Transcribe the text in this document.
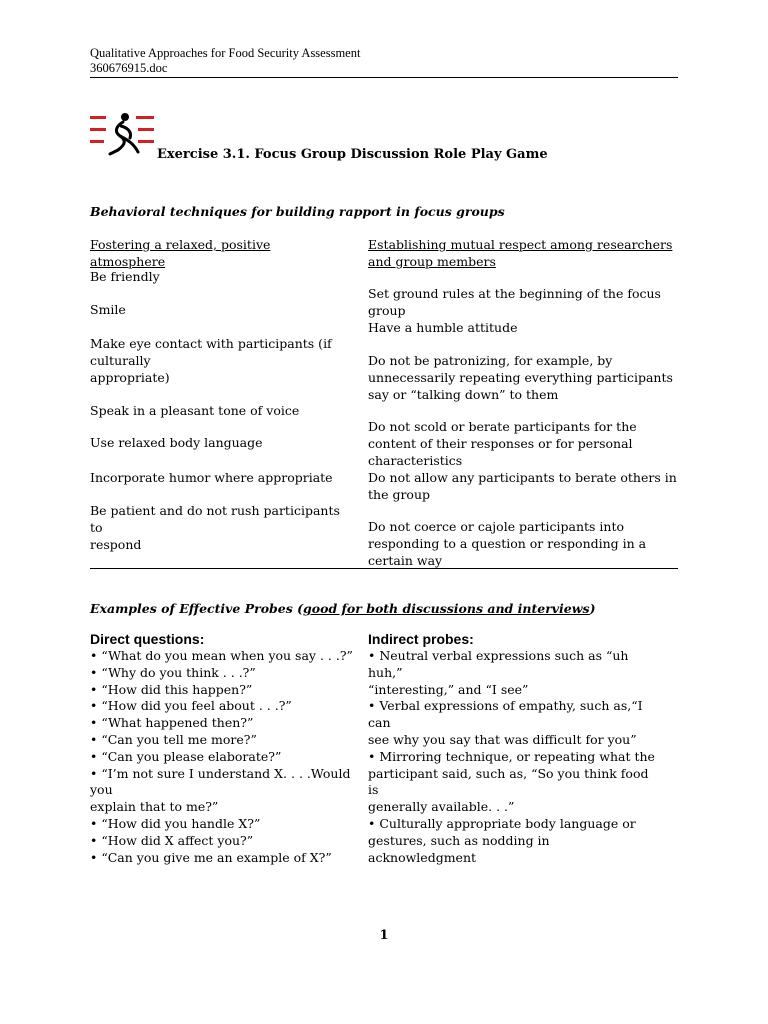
Qualitative Approaches for Food Security Assessment
360676915.doc
Exercise 3.1. Focus Group Discussion Role Play Game
Behavioral techniques for building rapport in focus groups
Fostering a relaxed, positive atmosphere
Be friendly
Smile
Make eye contact with participants (if
culturally
appropriate)
Speak in a pleasant tone of voice
Use relaxed body language
Incorporate humor where appropriate
Be patient and do not rush participants to
respond
Establishing mutual respect among researchers and group members
Set ground rules at the beginning of the focus group
Have a humble attitude
Do not be patronizing, for example, by unnecessarily repeating everything participants say or “talking down” to them
Do not scold or berate participants for the content of their responses or for personal characteristics
Do not allow any participants to berate others in the group
Do not coerce or cajole participants into responding to a question or responding in a certain way
Examples of Effective Probes (good for both discussions and interviews)
Direct questions:
• “What do you mean when you say . . .?”
• “Why do you think . . .?”
• “How did this happen?”
• “How did you feel about . . .?”
• “What happened then?”
• “Can you tell me more?”
• “Can you please elaborate?”
• “I’m not sure I understand X. . . .Would you
explain that to me?”
• “How did you handle X?”
• “How did X affect you?”
• “Can you give me an example of X?”
Indirect probes:
• Neutral verbal expressions such as “uh huh,”
“interesting,” and “I see”
• Verbal expressions of empathy, such as,“I can
see why you say that was difficult for you”
• Mirroring technique, or repeating what the
participant said, such as, “So you think food is
generally available. . .”
• Culturally appropriate body language or
gestures, such as nodding in acknowledgment
1
